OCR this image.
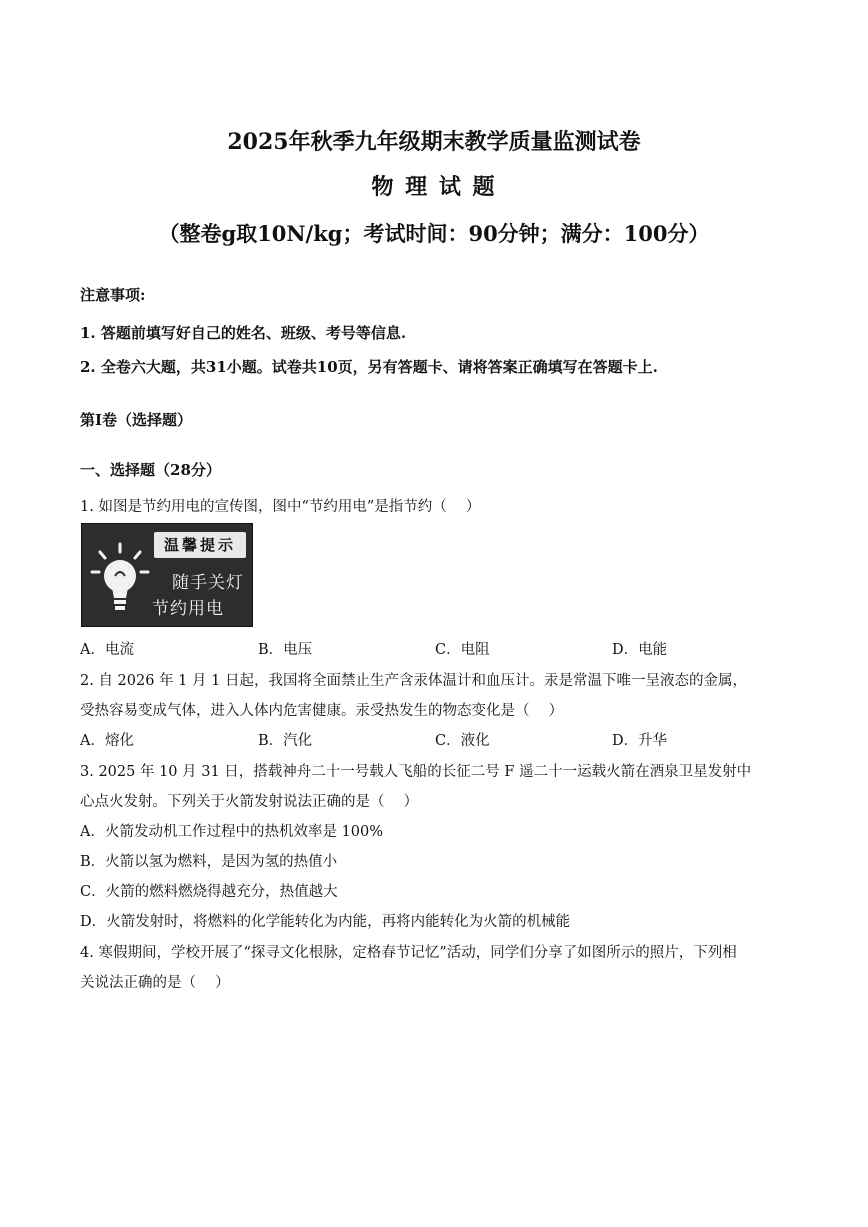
2025年秋季九年级期末教学质量监测试卷
物 理 试 题
（整卷g取10N/kg；考试时间：90分钟；满分：100分）
注意事项:
1. 答题前填写好自己的姓名、班级、考号等信息.
2. 全卷六大题，共31小题。试卷共10页，另有答题卡、请将答案正确填写在答题卡上.
第Ⅰ卷（选择题）
一、选择题（28分）
1. 如图是节约用电的宣传图，图中“节约用电”是指节约（　 ）
温馨提示
随手关灯
节约用电
A．电流	B．电压	C．电阻	D．电能
2. 自 2026 年 1 月 1 日起，我国将全面禁止生产含汞体温计和血压计。汞是常温下唯一呈液态的金属，
受热容易变成气体，进入人体内危害健康。汞受热发生的物态变化是（　 ）
A．熔化	B．汽化	C．液化	D．升华
3. 2025 年 10 月 31 日，搭载神舟二十一号载人飞船的长征二号 F 遥二十一运载火箭在酒泉卫星发射中
心点火发射。下列关于火箭发射说法正确的是（　 ）
A．火箭发动机工作过程中的热机效率是 100%
B．火箭以氢为燃料，是因为氢的热值小
C．火箭的燃料燃烧得越充分，热值越大
D．火箭发射时，将燃料的化学能转化为内能，再将内能转化为火箭的机械能
4. 寒假期间，学校开展了“探寻文化根脉，定格春节记忆”活动，同学们分享了如图所示的照片，下列相
关说法正确的是（　 ）
